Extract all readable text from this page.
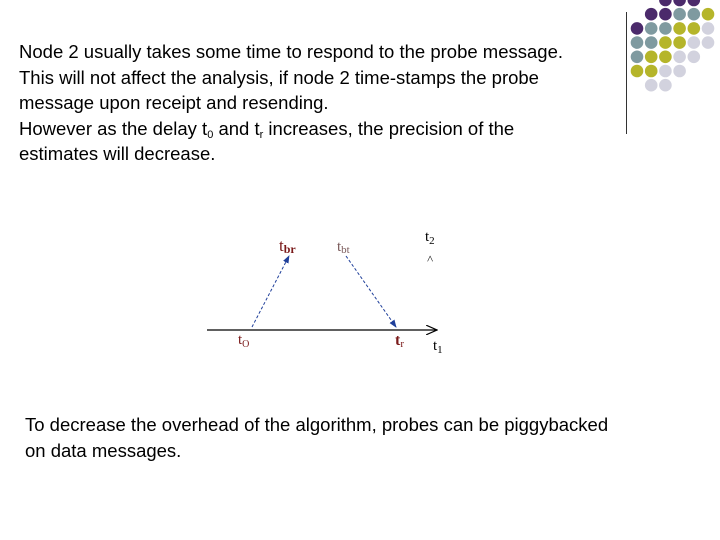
Node 2 usually takes some time to respond to the probe message.

This will not affect the analysis, if node 2 time-stamps the probe

message upon receipt and resending.

However as the delay $t_0$ and $t_r$ increases, the precision of the

estimates will decrease.

tbr	tbt
$t_2$
>
$t_O$	tr $t_1$

To decrease the overhead of the algorithm, probes can be piggybacked

on data messages.
